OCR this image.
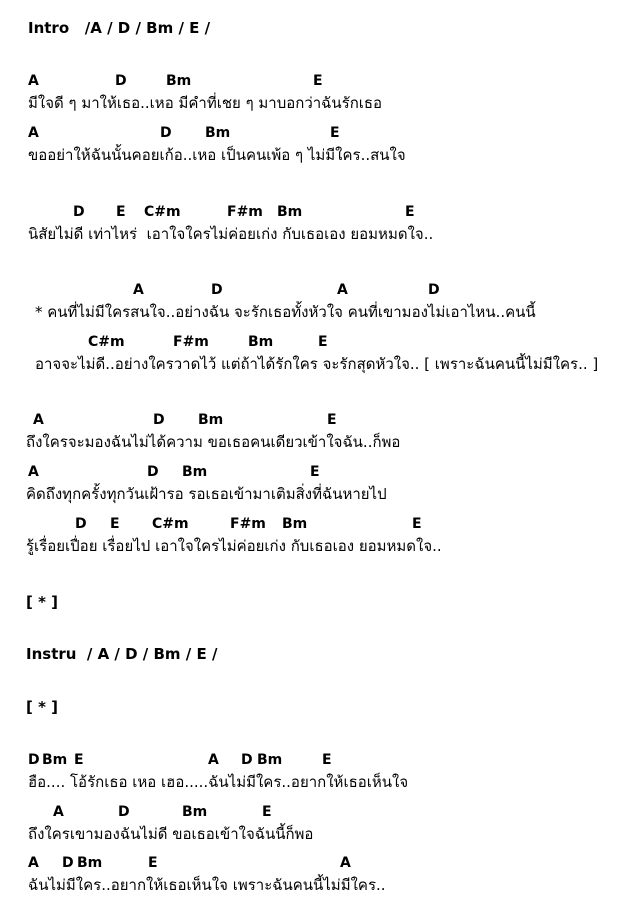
Intro   /A / D / Bm / E /
A	D	Bm	E
มีใจดี ๆ มาให้เธอ..เหอ มีคำที่เชย ๆ มาบอกว่าฉันรักเธอ
A	D Bm	E
ขออย่าให้ฉันนั้นคอยเก้อ..เหอ เป็นคนเพ้อ ๆ ไม่มีใคร..สนใจ
D E C#m	F#m Bm	E
นิสัยไม่ดี เท่าไหร่  เอาใจใครไม่ค่อยเก่ง กับเธอเอง ยอมหมดใจ..
A	D	A	D
* คนที่ไม่มีใครสนใจ..อย่างฉัน จะรักเธอทั้งหัวใจ คนที่เขามองไม่เอาไหน..คนนี้
C#m	F#m	Bm	E
อาจจะไม่ดี..อย่างใครวาดไว้ แต่ถ้าได้รักใคร จะรักสุดหัวใจ.. [ เพราะฉันคนนี้ไม่มีใคร.. ]
A	D Bm	E
ถึงใครจะมองฉันไม่ได้ความ ขอเธอคนเดียวเข้าใจฉัน..ก็พอ
A	D Bm	E
คิดถึงทุกครั้งทุกวันเฝ้ารอ รอเธอเข้ามาเติมสิ่งที่ฉันหายไป
D E C#m	F#m Bm	E
รู้เรื่อยเปื่อย เรื่อยไป เอาใจใครไม่ค่อยเก่ง กับเธอเอง ยอมหมดใจ..
[ * ]
Instru  / A / D / Bm / E /
[ * ]
D Bm E	A D Bm	E
ฮือ.... โอ้รักเธอ เหอ เฮอ.....ฉันไม่มีใคร..อยากให้เธอเห็นใจ
A	D	Bm	E
ถึงใครเขามองฉันไม่ดี ขอเธอเข้าใจฉันนี้ก็พอ
A D Bm	E	A
ฉันไม่มีใคร..อยากให้เธอเห็นใจ เพราะฉันคนนี้ไม่มีใคร..
